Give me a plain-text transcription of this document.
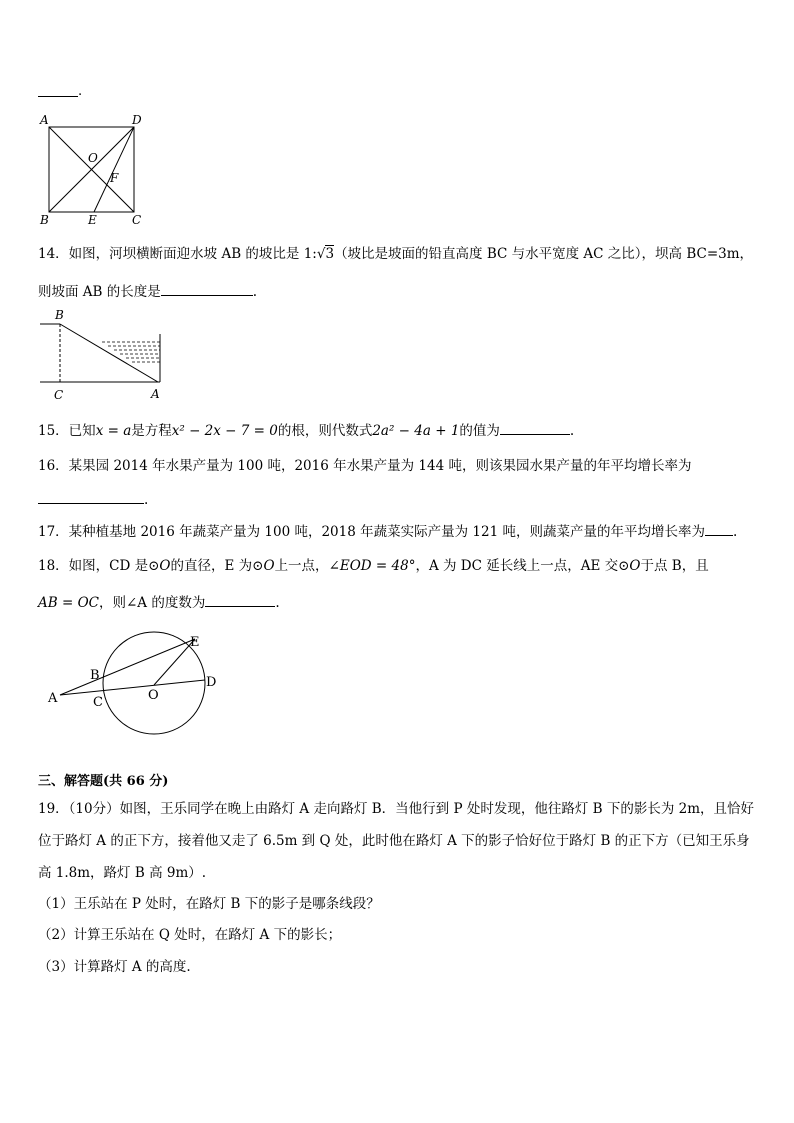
.
A	D
O
F
B	E	C
14．如图，河坝横断面迎水坡 AB 的坡比是 1:√3（坡比是坡面的铅直高度 BC 与水平宽度 AC 之比），坝高 BC=3m，
则坡面 AB 的长度是	.
B
C	A
15．已知x = a是方程x² − 2x − 7 = 0的根，则代数式2a² − 4a + 1的值为	.
16．某果园 2014 年水果产量为 100 吨，2016 年水果产量为 144 吨，则该果园水果产量的年平均增长率为
.
17．某种植基地 2016 年蔬菜产量为 100 吨，2018 年蔬菜实际产量为 121 吨，则蔬菜产量的年平均增长率为 .
18．如图，CD 是⊙O的直径，E 为⊙O上一点，∠EOD = 48°，A 为 DC 延长线上一点，AE 交⊙O于点 B，且
AB = OC，则∠A 的度数为	.
E
B	D
A	C	O
三、解答题(共 66 分)
19．（10分）如图，王乐同学在晚上由路灯 A 走向路灯 B．当他行到 P 处时发现，他往路灯 B 下的影长为 2m，且恰好
位于路灯 A 的正下方，接着他又走了 6.5m 到 Q 处，此时他在路灯 A 下的影子恰好位于路灯 B 的正下方（已知王乐身
高 1.8m，路灯 B 高 9m）.
（1）王乐站在 P 处时，在路灯 B 下的影子是哪条线段？
（2）计算王乐站在 Q 处时，在路灯 A 下的影长；
（3）计算路灯 A 的高度.
